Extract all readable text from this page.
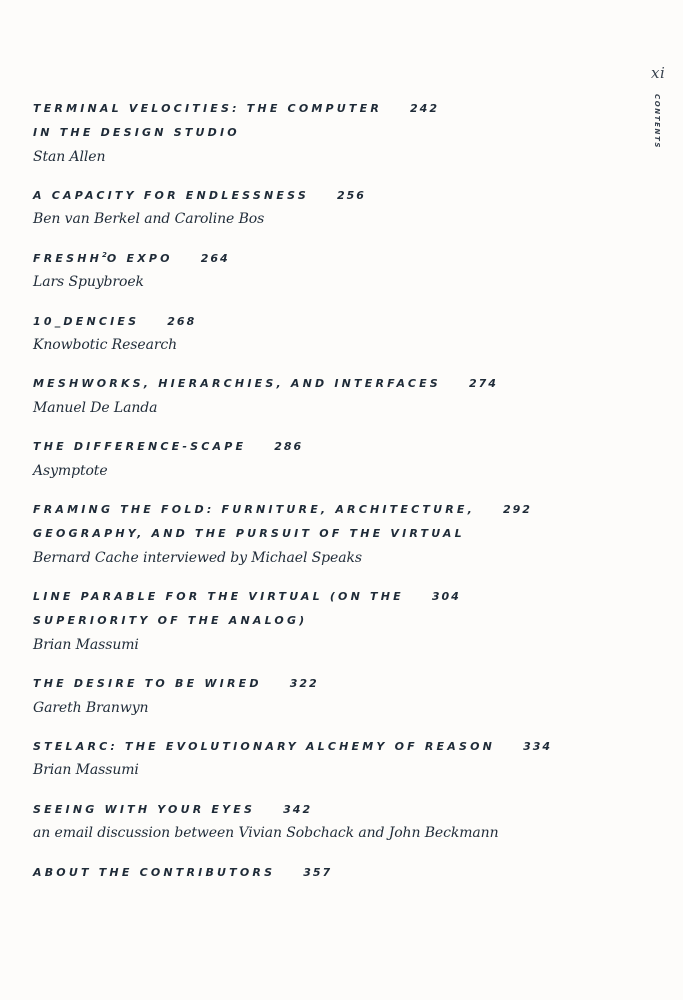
xi
CONTENTS
TERMINAL VELOCITIES: THE COMPUTER	242
IN THE DESIGN STUDIO
Stan Allen
A CAPACITY FOR ENDLESSNESS	256
Ben van Berkel and Caroline Bos
FRESHH$^2$O EXPO	264
Lars Spuybroek
10_DENCIES	268
Knowbotic Research
MESHWORKS, HIERARCHIES, AND INTERFACES	274
Manuel De Landa
THE DIFFERENCE-SCAPE	286
Asymptote
FRAMING THE FOLD: FURNITURE, ARCHITECTURE,	292
GEOGRAPHY, AND THE PURSUIT OF THE VIRTUAL
Bernard Cache interviewed by Michael Speaks
LINE PARABLE FOR THE VIRTUAL (ON THE	304
SUPERIORITY OF THE ANALOG)
Brian Massumi
THE DESIRE TO BE WIRED	322
Gareth Branwyn
STELARC: THE EVOLUTIONARY ALCHEMY OF REASON	334
Brian Massumi
SEEING WITH YOUR EYES	342
an email discussion between Vivian Sobchack and John Beckmann
ABOUT THE CONTRIBUTORS	357
